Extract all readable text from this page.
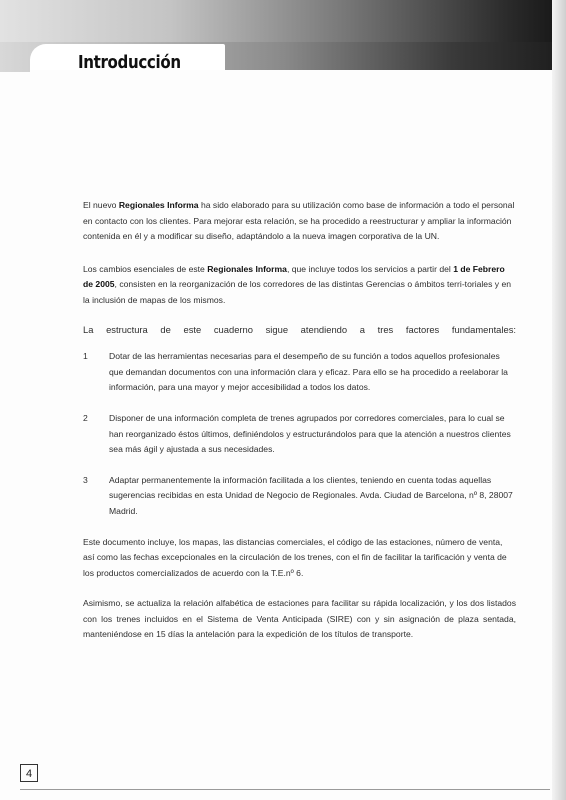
Introducción

El nuevo Regionales Informa ha sido elaborado para su utilización como base de información a todo el personal en contacto con los clientes. Para mejorar esta relación, se ha procedido a reestructurar y ampliar la información contenida en él y a modificar su diseño, adaptándolo a la nueva imagen corporativa de la UN.

Los cambios esenciales de este Regionales Informa, que incluye todos los servicios a partir del 1 de Febrero de 2005, consisten en la reorganización de los corredores de las distintas Gerencias o ámbitos terri-toriales y en la inclusión de mapas de los mismos.

La estructura de este cuaderno sigue atendiendo a tres factores fundamentales:

1 Dotar de las herramientas necesarias para el desempeño de su función a todos aquellos profesionales que demandan documentos con una información clara y eficaz. Para ello se ha procedido a reelaborar la información, para una mayor y mejor accesibilidad a todos los datos.
2 Disponer de una información completa de trenes agrupados por corredores comerciales, para lo cual se han reorganizado éstos últimos, definiéndolos y estructurándolos para que la atención a nuestros clientes sea más ágil y ajustada a sus necesidades.
3 Adaptar permanentemente la información facilitada a los clientes, teniendo en cuenta todas aquellas sugerencias recibidas en esta Unidad de Negocio de Regionales. Avda. Ciudad de Barcelona, nº 8, 28007 Madrid.

Este documento incluye, los mapas, las distancias comerciales, el código de las estaciones, número de venta, así como las fechas excepcionales en la circulación de los trenes, con el fin de facilitar la tarificación y venta de los productos comercializados de acuerdo con la T.E.nº 6.

Asimismo, se actualiza la relación alfabética de estaciones para facilitar su rápida localización, y los dos listados con los trenes incluidos en el Sistema de Venta Anticipada (SIRE) con y sin asignación de plaza sentada, manteniéndose en 15 días la antelación para la expedición de los títulos de transporte.

4
